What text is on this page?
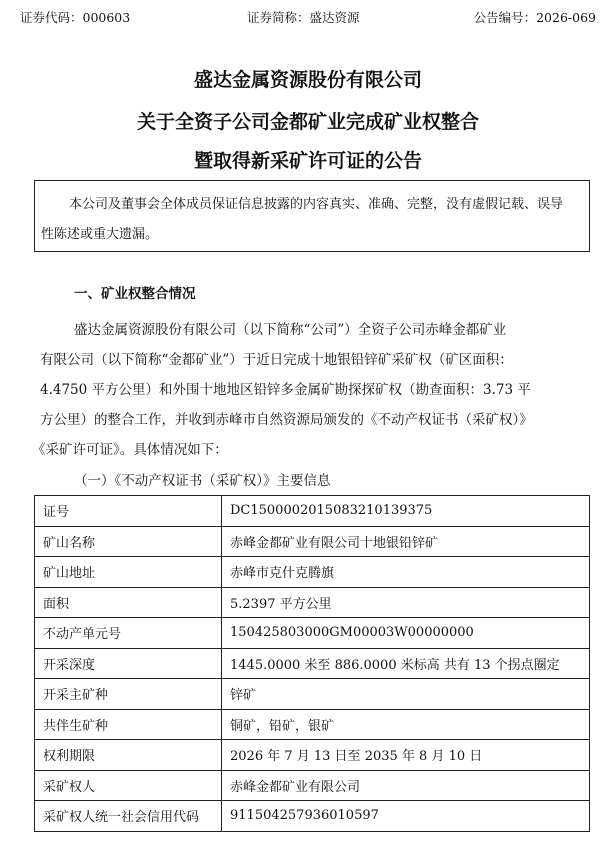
证券代码：000603	证券简称：盛达资源	公告编号：2026-069
盛达金属资源股份有限公司
关于全资子公司金都矿业完成矿业权整合
暨取得新采矿许可证的公告
本公司及董事会全体成员保证信息披露的内容真实、准确、完整，没有虚假记载、误导
性陈述或重大遗漏。
一、矿业权整合情况
盛达金属资源股份有限公司（以下简称“公司”）全资子公司赤峰金都矿业
有限公司（以下简称“金都矿业”）于近日完成十地银铅锌矿采矿权（矿区面积：
4.4750 平方公里）和外围十地地区铅锌多金属矿勘探探矿权（勘查面积：3.73 平
方公里）的整合工作，并收到赤峰市自然资源局颁发的《不动产权证书（采矿权）》
《采矿许可证》。具体情况如下：
（一）《不动产权证书（采矿权）》主要信息
证号	DC1500002015083210139375
矿山名称	赤峰金都矿业有限公司十地银铅锌矿
矿山地址	赤峰市克什克腾旗
面积	5.2397 平方公里
不动产单元号	150425803000GM00003W00000000
开采深度	1445.0000 米至 886.0000 米标高 共有 13 个拐点圈定
开采主矿种	锌矿
共伴生矿种	铜矿，铅矿，银矿
权利期限	2026 年 7 月 13 日至 2035 年 8 月 10 日
采矿权人	赤峰金都矿业有限公司
采矿权人统一社会信用代码	911504257936010597
